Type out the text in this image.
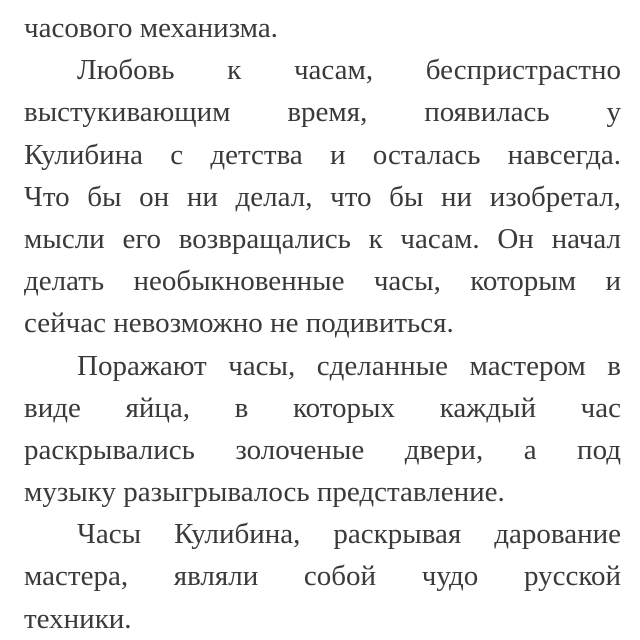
часового механизма.
Любовь к часам, беспристрастно
выстукивающим время, появилась у
Кулибина с детства и осталась навсегда.
Что бы он ни делал, что бы ни изобретал,
мысли его возвращались к часам. Он начал
делать необыкновенные часы, которым и
сейчас невозможно не подивиться.
Поражают часы, сделанные мастером в
виде яйца, в которых каждый час
раскрывались золоченые двери, а под
музыку разыгрывалось представление.
Часы Кулибина, раскрывая дарование
мастера, являли собой чудо русской
техники.
